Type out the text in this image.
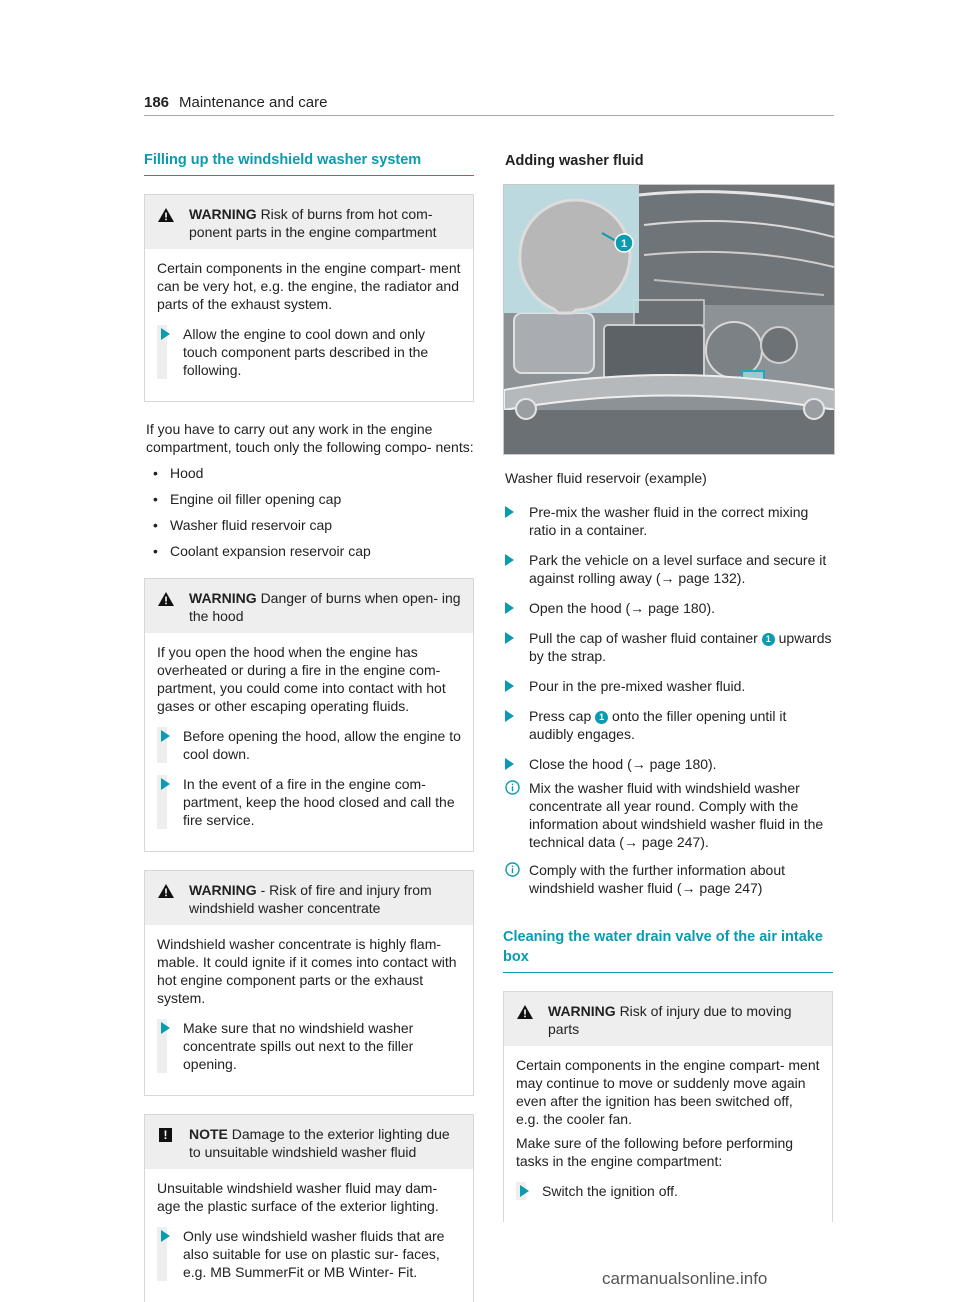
186 Maintenance and care
Filling up the windshield washer system
WARNING Risk of burns from hot com- ponent parts in the engine compartment

Certain components in the engine compart- ment can be very hot, e.g. the engine, the radiator and parts of the exhaust system.

Allow the engine to cool down and only touch component parts described in the following.

If you have to carry out any work in the engine compartment, touch only the following compo- nents:

• Hood
• Engine oil filler opening cap
• Washer fluid reservoir cap
• Coolant expansion reservoir cap
WARNING Danger of burns when open- ing the hood

If you open the hood when the engine has overheated or during a fire in the engine com- partment, you could come into contact with hot gases or other escaping operating fluids.

Before opening the hood, allow the engine to cool down.
In the event of a fire in the engine com- partment, keep the hood closed and call the fire service.
WARNING - Risk of fire and injury from windshield washer concentrate

Windshield washer concentrate is highly flam- mable. It could ignite if it comes into contact with hot engine component parts or the exhaust system.

Make sure that no windshield washer concentrate spills out next to the filler opening.
!	NOTE Damage to the exterior lighting due to unsuitable windshield washer fluid

Unsuitable windshield washer fluid may dam- age the plastic surface of the exterior lighting.

Only use windshield washer fluids that are also suitable for use on plastic sur- faces, e.g. MB SummerFit or MB Winter- Fit.
Adding washer fluid
1

Washer fluid reservoir (example)

Pre-mix the washer fluid in the correct mixing ratio in a container.
Park the vehicle on a level surface and secure it against rolling away (→ page 132).
Open the hood (→ page 180).
Pull the cap of washer fluid container 1 upwards by the strap.
Pour in the pre-mixed washer fluid.
Press cap 1 onto the filler opening until it audibly engages.
Close the hood (→ page 180).
Mix the washer fluid with windshield washer concentrate all year round. Comply with the information about windshield washer fluid in the technical data (→ page 247).
Comply with the further information about windshield washer fluid (→ page 247)
Cleaning the water drain valve of the air intake box
WARNING Risk of injury due to moving parts

Certain components in the engine compart- ment may continue to move or suddenly move again even after the ignition has been switched off, e.g. the cooler fan.

Make sure of the following before performing tasks in the engine compartment:

Switch the ignition off.
carmanualsonline.info
